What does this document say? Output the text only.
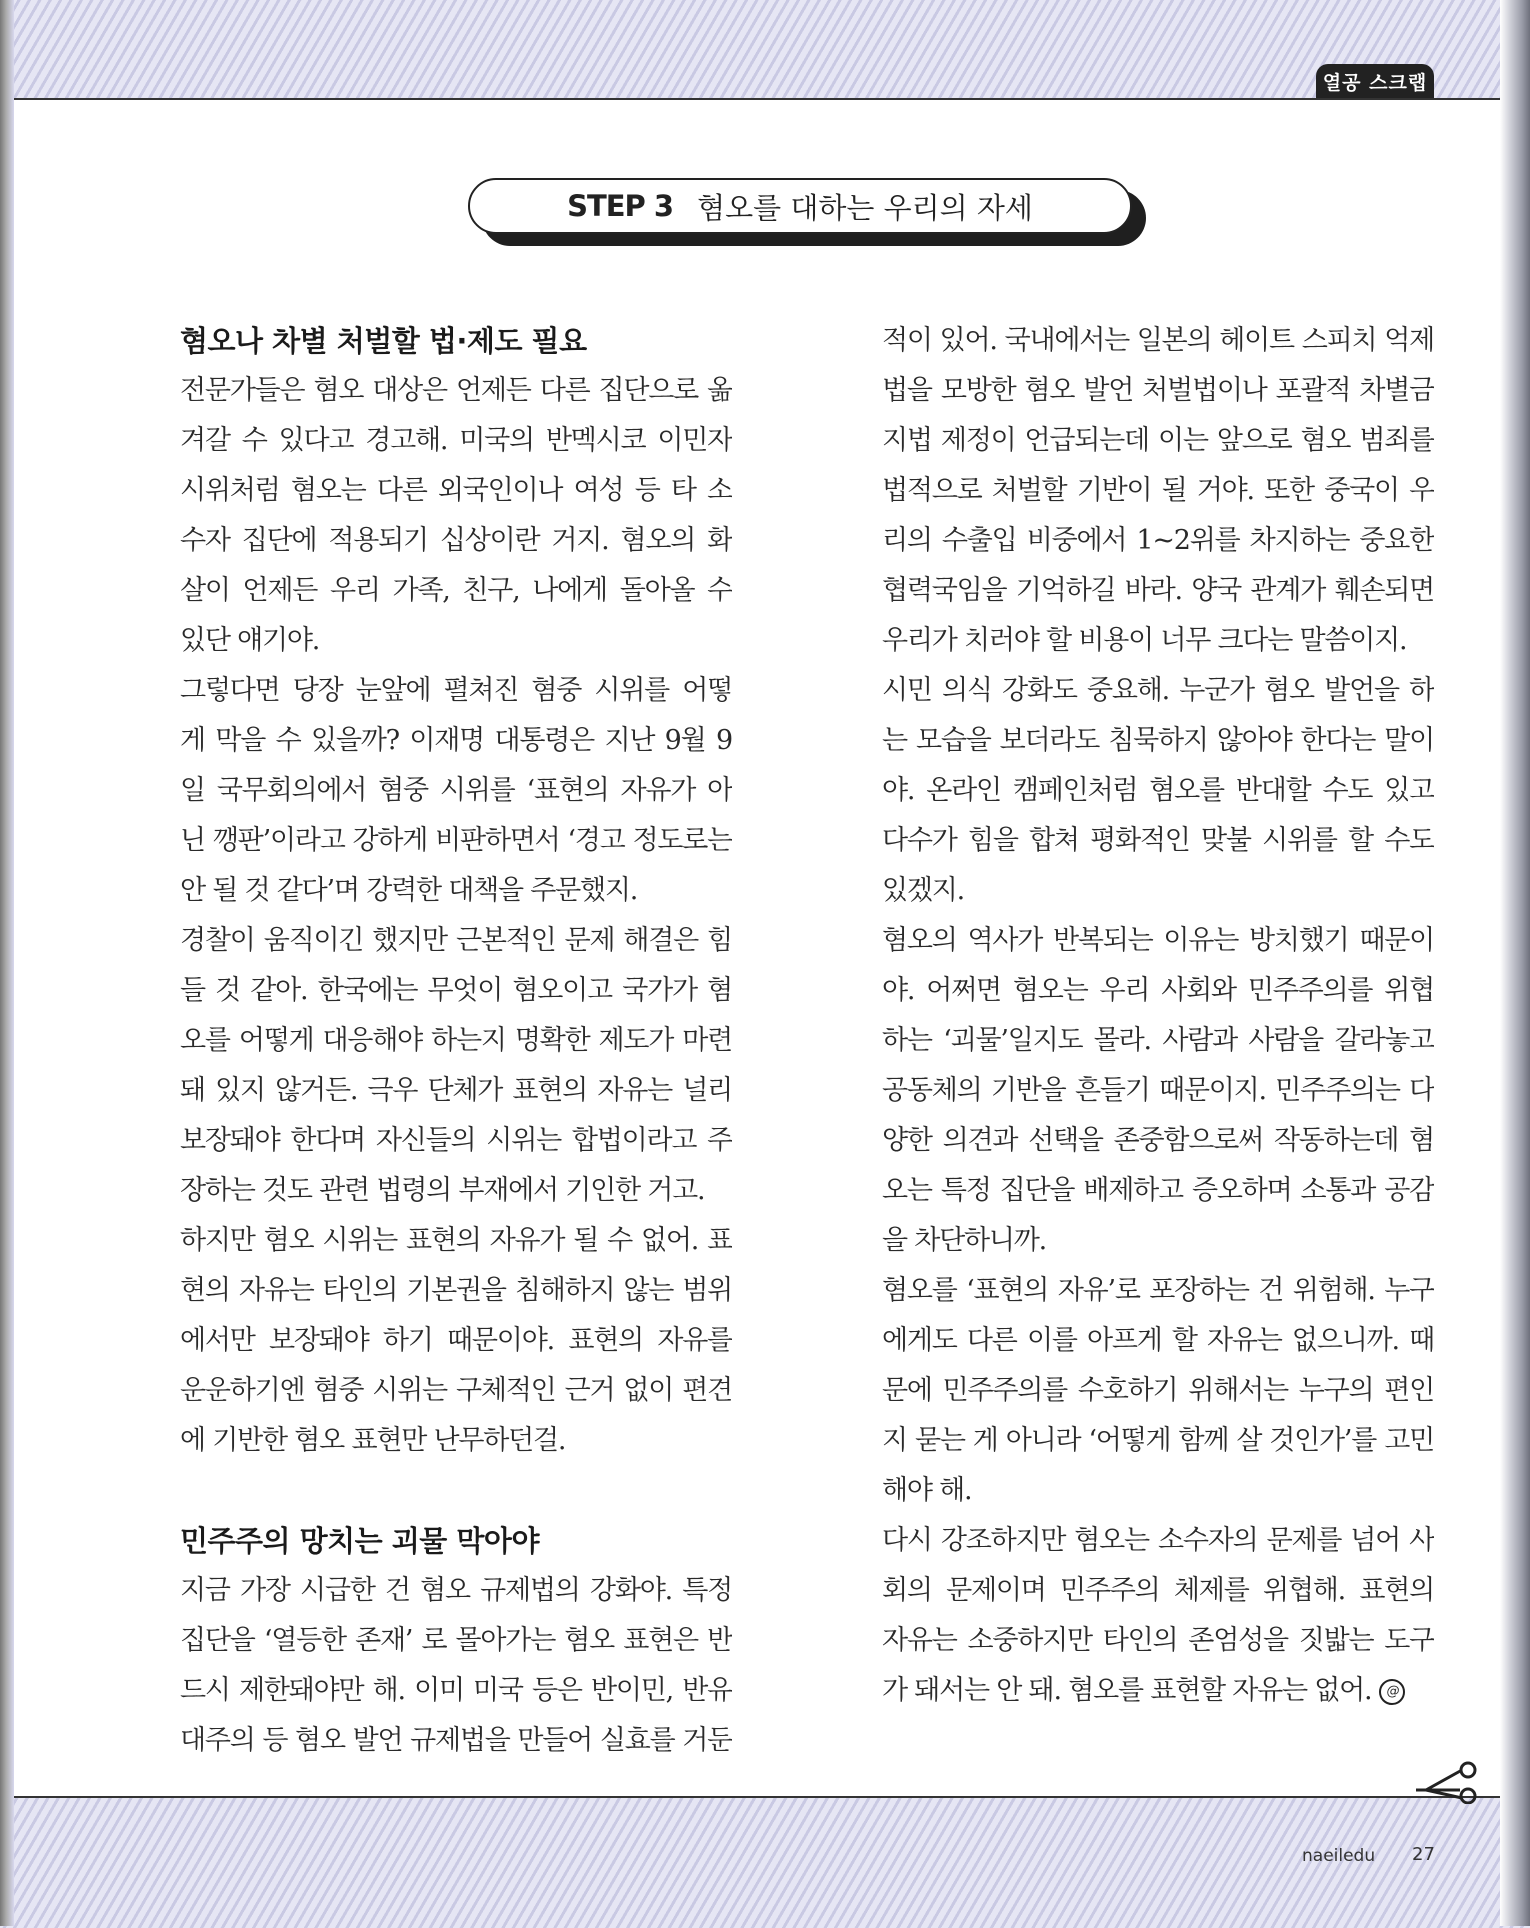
열공 스크랩
STEP 3 혐오를 대하는 우리의 자세
혐오나 차별 처벌할 법·제도 필요
전문가들은 혐오 대상은 언제든 다른 집단으로 옮
겨갈 수 있다고 경고해. 미국의 반멕시코 이민자
시위처럼 혐오는 다른 외국인이나 여성 등 타 소
수자 집단에 적용되기 십상이란 거지. 혐오의 화
살이 언제든 우리 가족, 친구, 나에게 돌아올 수
있단 얘기야.
그렇다면 당장 눈앞에 펼쳐진 혐중 시위를 어떻
게 막을 수 있을까? 이재명 대통령은 지난 9월 9
일 국무회의에서 혐중 시위를 ‘표현의 자유가 아
닌 깽판’이라고 강하게 비판하면서 ‘경고 정도로는
안 될 것 같다’며 강력한 대책을 주문했지.
경찰이 움직이긴 했지만 근본적인 문제 해결은 힘
들 것 같아. 한국에는 무엇이 혐오이고 국가가 혐
오를 어떻게 대응해야 하는지 명확한 제도가 마련
돼 있지 않거든. 극우 단체가 표현의 자유는 널리
보장돼야 한다며 자신들의 시위는 합법이라고 주
장하는 것도 관련 법령의 부재에서 기인한 거고.
하지만 혐오 시위는 표현의 자유가 될 수 없어. 표
현의 자유는 타인의 기본권을 침해하지 않는 범위
에서만 보장돼야 하기 때문이야. 표현의 자유를
운운하기엔 혐중 시위는 구체적인 근거 없이 편견
에 기반한 혐오 표현만 난무하던걸.
민주주의 망치는 괴물 막아야
지금 가장 시급한 건 혐오 규제법의 강화야. 특정
집단을 ‘열등한 존재’ 로 몰아가는 혐오 표현은 반
드시 제한돼야만 해. 이미 미국 등은 반이민, 반유
대주의 등 혐오 발언 규제법을 만들어 실효를 거둔
적이 있어. 국내에서는 일본의 헤이트 스피치 억제
법을 모방한 혐오 발언 처벌법이나 포괄적 차별금
지법 제정이 언급되는데 이는 앞으로 혐오 범죄를
법적으로 처벌할 기반이 될 거야. 또한 중국이 우
리의 수출입 비중에서 1~2위를 차지하는 중요한
협력국임을 기억하길 바라. 양국 관계가 훼손되면
우리가 치러야 할 비용이 너무 크다는 말씀이지.
시민 의식 강화도 중요해. 누군가 혐오 발언을 하
는 모습을 보더라도 침묵하지 않아야 한다는 말이
야. 온라인 캠페인처럼 혐오를 반대할 수도 있고
다수가 힘을 합쳐 평화적인 맞불 시위를 할 수도
있겠지.
혐오의 역사가 반복되는 이유는 방치했기 때문이
야. 어쩌면 혐오는 우리 사회와 민주주의를 위협
하는 ‘괴물’일지도 몰라. 사람과 사람을 갈라놓고
공동체의 기반을 흔들기 때문이지. 민주주의는 다
양한 의견과 선택을 존중함으로써 작동하는데 혐
오는 특정 집단을 배제하고 증오하며 소통과 공감
을 차단하니까.
혐오를 ‘표현의 자유’로 포장하는 건 위험해. 누구
에게도 다른 이를 아프게 할 자유는 없으니까. 때
문에 민주주의를 수호하기 위해서는 누구의 편인
지 묻는 게 아니라 ‘어떻게 함께 살 것인가’를 고민
해야 해.
다시 강조하지만 혐오는 소수자의 문제를 넘어 사
회의 문제이며 민주주의 체제를 위협해. 표현의
자유는 소중하지만 타인의 존엄성을 짓밟는 도구
가 돼서는 안 돼. 혐오를 표현할 자유는 없어. @
naeiledu 27
